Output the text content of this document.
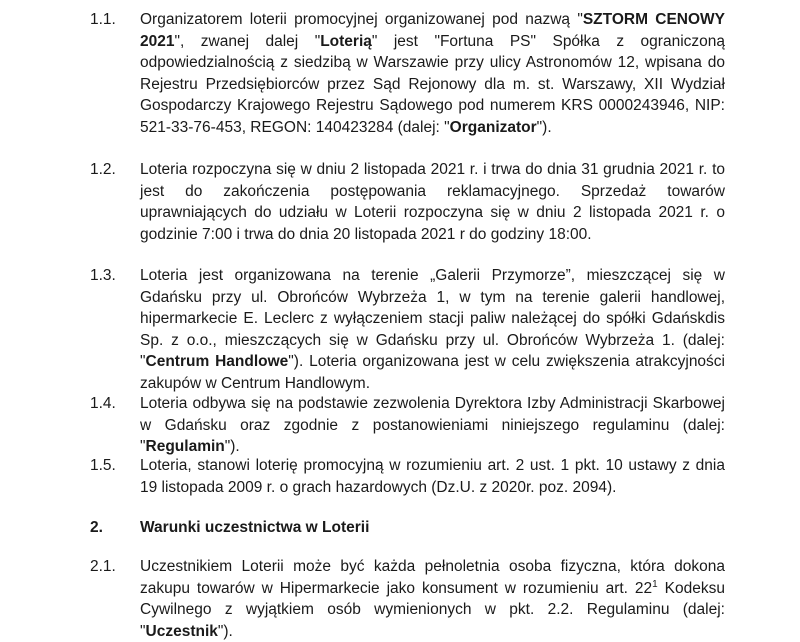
1.1. Organizatorem loterii promocyjnej organizowanej pod nazwą "SZTORM CENOWY 2021", zwanej dalej "Loterią" jest "Fortuna PS" Spółka z ograniczoną odpowiedzialnością z siedzibą w Warszawie przy ulicy Astronomów 12, wpisana do Rejestru Przedsiębiorców przez Sąd Rejonowy dla m. st. Warszawy, XII Wydział Gospodarczy Krajowego Rejestru Sądowego pod numerem KRS 0000243946, NIP: 521-33-76-453, REGON: 140423284 (dalej: "Organizator").
1.2. Loteria rozpoczyna się w dniu 2 listopada 2021 r. i trwa do dnia 31 grudnia 2021 r. to jest do zakończenia postępowania reklamacyjnego. Sprzedaż towarów uprawniających do udziału w Loterii rozpoczyna się w dniu 2 listopada 2021 r. o godzinie 7:00 i trwa do dnia 20 listopada 2021 r do godziny 18:00.
1.3. Loteria jest organizowana na terenie „Galerii Przymorze”, mieszczącej się w Gdańsku przy ul. Obrońców Wybrzeża 1, w tym na terenie galerii handlowej, hipermarkecie E. Leclerc z wyłączeniem stacji paliw należącej do spółki Gdańskdis Sp. z o.o., mieszczących się w Gdańsku przy ul. Obrońców Wybrzeża 1. (dalej: "Centrum Handlowe"). Loteria organizowana jest w celu zwiększenia atrakcyjności zakupów w Centrum Handlowym.
1.4. Loteria odbywa się na podstawie zezwolenia Dyrektora Izby Administracji Skarbowej w Gdańsku oraz zgodnie z postanowieniami niniejszego regulaminu (dalej: "Regulamin").
1.5. Loteria, stanowi loterię promocyjną w rozumieniu art. 2 ust. 1 pkt. 10 ustawy z dnia 19 listopada 2009 r. o grach hazardowych (Dz.U. z 2020r. poz. 2094).
2. Warunki uczestnictwa w Loterii
2.1. Uczestnikiem Loterii może być każda pełnoletnia osoba fizyczna, która dokona zakupu towarów w Hipermarkecie jako konsument w rozumieniu art. $22^1$ Kodeksu Cywilnego z wyjątkiem osób wymienionych w pkt. 2.2. Regulaminu (dalej: "Uczestnik").
